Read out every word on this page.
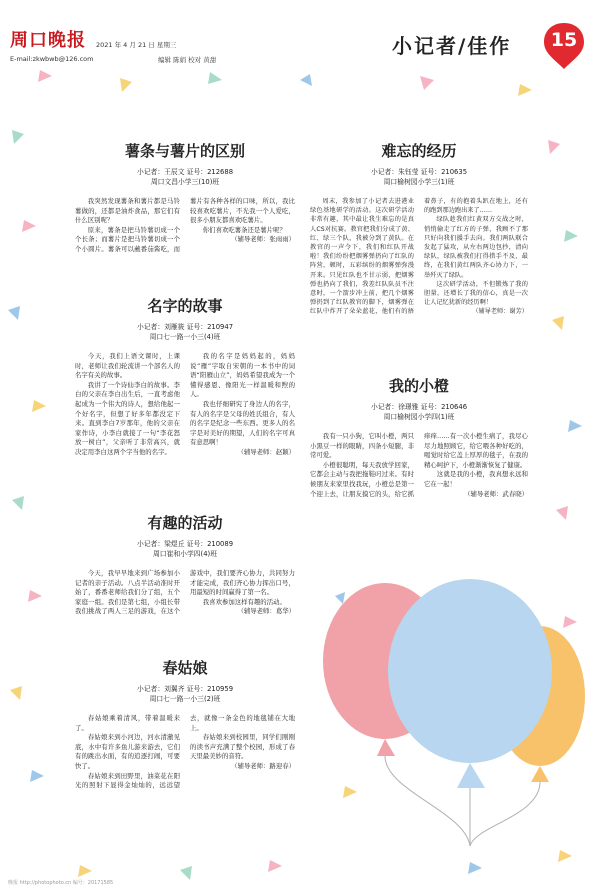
周口晚报 2021 年 4 月 21 日 星期三
E-mail:zkwbwb@126.com	编辑 陈娟 校对 黄甜
小记者/佳作	15
薯条与薯片的区别
小记者：王辰文 证号：212688
周口文昌小学三(10)班

我突然发现薯条和薯片都是马铃薯做的，还都是油炸食品，那它们有什么区别呢？

原来，薯条是把马铃薯切成一个个长条；而薯片是把马铃薯切成一个个小圆片。薯条可以蘸番茄酱吃，而薯片有各种各样的口味，所以，我比较喜欢吃薯片，不光我一个人爱吃，很多小朋友都喜欢吃薯片。

你们喜欢吃薯条还是薯片呢？

（辅导老师：张雨雨）

名字的故事
小记者：刘雁筱 证号：210947
周口七一路一小三(4)班

今天，我们上语文课时，上课时，老师让我们轮流讲一个部名人的名字有关的故事。

我讲了一个诗仙李白的故事。李白的父亲在李白出生后，一直考虑他起成为一个伟大的诗人，想给他起一个好名字，但想了好多年都没定下来。直到李白7岁那年，他的父亲在家作诗，小李白就接了一句“李花怒放一树白”，父亲听了非常高兴，就决定用李白这两个字当他的名字。

我的名字是妈妈起的，妈妈说“雁”字取自宋朝的一本书中的词语“阳雁山立”，妈妈希望我成为一个懂得感恩、像阳光一样温暖和煦的人。

我也仔细研究了身边人的名字，有人的名字是父母的姓氏组合，有人的名字是纪念一些东西。更多人的名字是对美好的期望，人们的名字可真有意思啊！

（辅导老师：赵颖）

有趣的活动
小记者：梁煜丘 证号：210089
周口崔和小学四(4)班

今天，我早早地来到广场参加小记者的亲子活动。八点半活动准时开始了，番番老师给我们分了组，五个家庭一组。我们是第七组，小组长带我们挑战了两人三足的游戏，在这个游戏中，我们要齐心协力，共同努力才能完成，我们齐心协力挥出口号，用最短的时间赢得了第一名。

我喜欢参加这样有趣的活动。

（辅导老师：葛华）

春姑娘
小记者：刘翼齐 证号：210959
周口七一路一小三(2)班

春姑娘乘着清风，带着温暖来了。

春姑娘来到小河边，河水清澈见底，水中有许多鱼儿游来游去，它们有的跳出水面，有的追逐打闹，可要快了。

春姑娘来到田野里，油菜花在阳光的照射下显得金灿灿的，远远望去，就像一条金色的地毯铺在大地上。

春姑娘来到校园里，同学们刚刚的读书声充满了整个校园，形成了春天里最美妙的音符。

（辅导老师：路迎春）

难忘的经历
小记者：朱钰莹 证号：210635
周口榆树园小学三(1)班

周末，我参加了小记者去进港业绿色基地研学的活动。这次研学活动非常有趣，其中最让我生难忘的是真人CS对抗赛。教官把我们分成了黄、红、绿三个队，我被分到了黄队。在教官的一声令下，我们和红队开战啦！我们纷纷把烟雾弹扔向了红队的阵营，顿时，五彩缤纷的烟雾弹弥漫开来。只见红队也不甘示弱，把烟雾弹也扔向了我们，我差红队队员不注意时，一个箭步冲上前，把几个烟雾弹扔到了红队教官的脚下，烟雾弹在红队中炸开了朵朵蓝花，他们有的捂着鼻子，有的抱着头趴在地上，还有的跑到那边跑出来了……

绿队趁我们红黄双方交战之时，悄悄偷走了红方的子弹，我顾不了那只好向我们援手去向。我们两队联合发起了猛攻，从左右两边包抄，清向绿队，绿队被我们打得措手不及，最终，在我们黄红两队齐心协力下，一举歼灭了绿队。

这次研学活动，不但锻炼了我的胆量，还增长了我的信心，真是一次让人记忆犹新的经历啊！

（辅导老师：谢芳）

我的小橙
小记者：徐璟雅 证号：210646
周口榆树园小学四(1)班

我有一只小狗，它叫小橙，两只小黑豆一样的眼睛，四条小短腿，非常可爱。

小橙很聪明，每天我放学回家，它都会主动与我把拖鞋叼过来。有时候朋友来家里找我玩，小橙总是第一个迎上去，让朋友摸它的头，给它抓痒痒……有一次小橙生病了，我尽心尽力地照顾它，给它喂各种好吃的，喝觉时给它盖上厚厚的毯子，在我的精心呵护下，小橙渐渐恢复了健康。

这就是我的小橙，我真想永远和它在一起！

（辅导老师：武春晓）

晚报 http://photophoto.cn 编号：20171585
